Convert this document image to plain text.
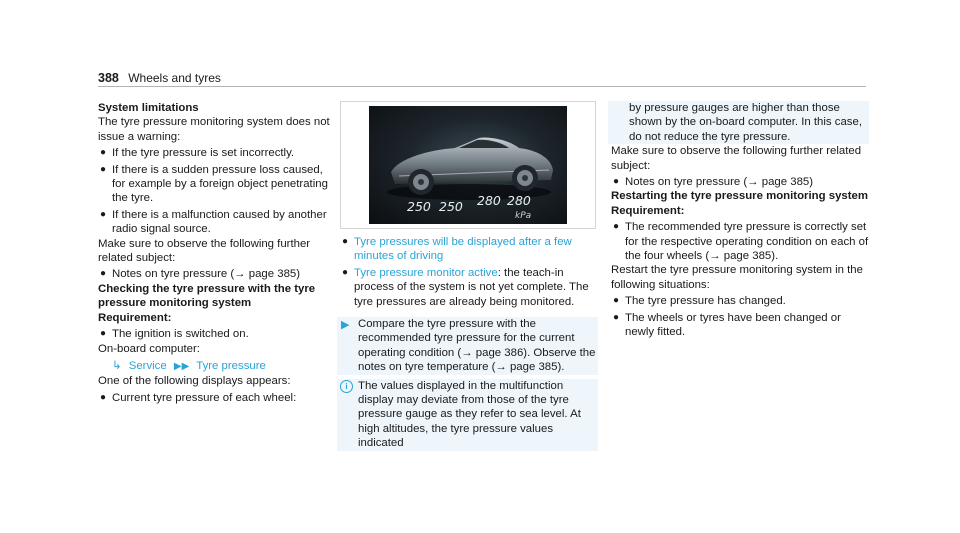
388 Wheels and tyres

System limitations

The tyre pressure monitoring system does not issue a warning:

● If the tyre pressure is set incorrectly.
● If there is a sudden pressure loss caused, for example by a foreign object penetrating the tyre.
● If there is a malfunction caused by another radio signal source.

Make sure to observe the following further related subject:

● Notes on tyre pressure (→ page 385)

Checking the tyre pressure with the tyre pressure monitoring system

Requirement:

● The ignition is switched on.

On-board computer:

↳ Service ▶▶ Tyre pressure

One of the following displays appears:

● Current tyre pressure of each wheel:
250 250 280 280
kPa
● Tyre pressures will be displayed after a few minutes of driving
● Tyre pressure monitor active: the teach-in process of the system is not yet complete. The tyre pressures are already being monitored.
▶ Compare the tyre pressure with the recommended tyre pressure for the current operating condition (→ page 386). Observe the notes on tyre temperature (→ page 385).
i The values displayed in the multifunction display may deviate from those of the tyre pressure gauge as they refer to sea level. At high altitudes, the tyre pressure values indicated

by pressure gauges are higher than those shown by the on-board computer. In this case, do not reduce the tyre pressure.

Make sure to observe the following further related subject:

● Notes on tyre pressure (→ page 385)

Restarting the tyre pressure monitoring system

Requirement:

● The recommended tyre pressure is correctly set for the respective operating condition on each of the four wheels (→ page 385).

Restart the tyre pressure monitoring system in the following situations:

● The tyre pressure has changed.
● The wheels or tyres have been changed or newly fitted.
